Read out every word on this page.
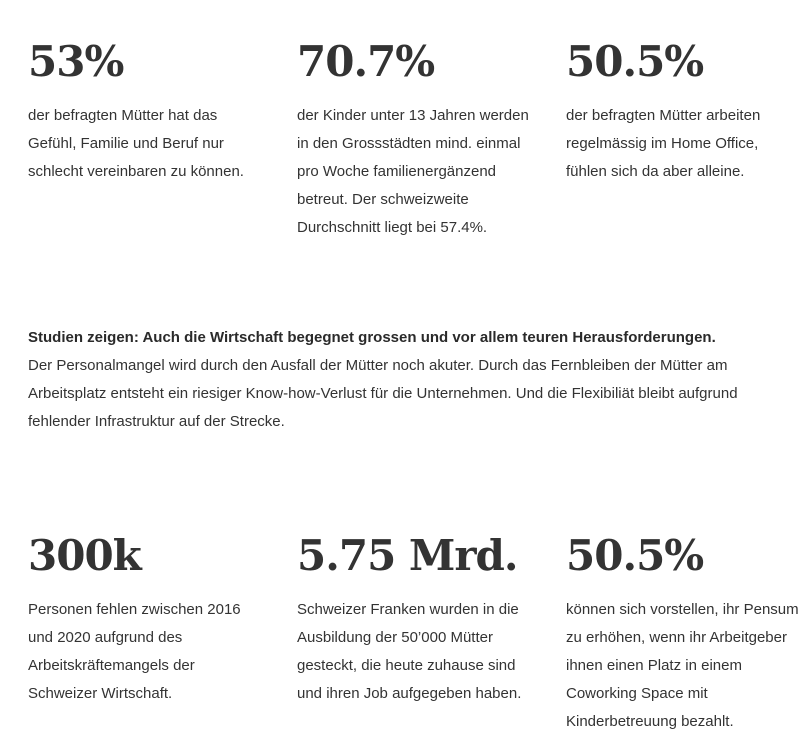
53%

der befragten Mütter hat das Gefühl, Familie und Beruf nur schlecht vereinbaren zu können.

70.7%

der Kinder unter 13 Jahren werden in den Grossstädten mind. einmal pro Woche familienergänzend betreut. Der schweizweite Durchschnitt liegt bei 57.4%.

50.5%

der befragten Mütter arbeiten regelmässig im Home Office, fühlen sich da aber alleine.

Studien zeigen: Auch die Wirtschaft begegnet grossen und vor allem teuren Herausforderungen.
Der Personalmangel wird durch den Ausfall der Mütter noch akuter. Durch das Fernbleiben der Mütter am Arbeitsplatz entsteht ein riesiger Know-how-Verlust für die Unternehmen. Und die Flexibiliät bleibt aufgrund fehlender Infrastruktur auf der Strecke.

300k

Personen fehlen zwischen 2016 und 2020 aufgrund des Arbeitskräftemangels der Schweizer Wirtschaft.

5.75 Mrd.

Schweizer Franken wurden in die Ausbildung der 50’000 Mütter gesteckt, die heute zuhause sind und ihren Job aufgegeben haben.

50.5%

können sich vorstellen, ihr Pensum zu erhöhen, wenn ihr Arbeitgeber ihnen einen Platz in einem Coworking Space mit Kinderbetreuung bezahlt.
